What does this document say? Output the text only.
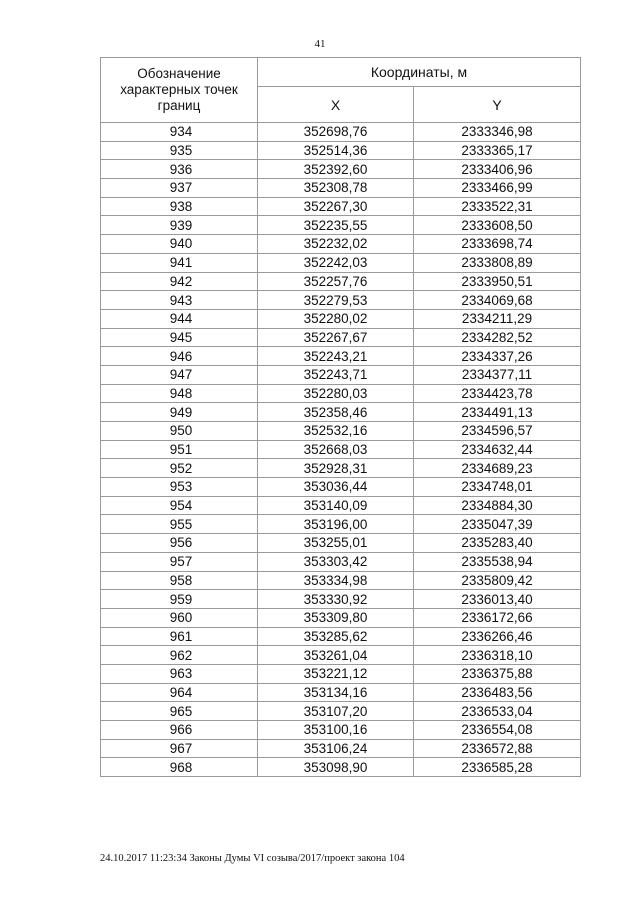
41
Обозначение
характерных точек
границ	Координаты, м	
	X	Y
934	352698,76	2333346,98
935	352514,36	2333365,17
936	352392,60	2333406,96
937	352308,78	2333466,99
938	352267,30	2333522,31
939	352235,55	2333608,50
940	352232,02	2333698,74
941	352242,03	2333808,89
942	352257,76	2333950,51
943	352279,53	2334069,68
944	352280,02	2334211,29
945	352267,67	2334282,52
946	352243,21	2334337,26
947	352243,71	2334377,11
948	352280,03	2334423,78
949	352358,46	2334491,13
950	352532,16	2334596,57
951	352668,03	2334632,44
952	352928,31	2334689,23
953	353036,44	2334748,01
954	353140,09	2334884,30
955	353196,00	2335047,39
956	353255,01	2335283,40
957	353303,42	2335538,94
958	353334,98	2335809,42
959	353330,92	2336013,40
960	353309,80	2336172,66
961	353285,62	2336266,46
962	353261,04	2336318,10
963	353221,12	2336375,88
964	353134,16	2336483,56
965	353107,20	2336533,04
966	353100,16	2336554,08
967	353106,24	2336572,88
968	353098,90	2336585,28
24.10.2017 11:23:34 Законы Думы VI созыва/2017/проект закона 104
